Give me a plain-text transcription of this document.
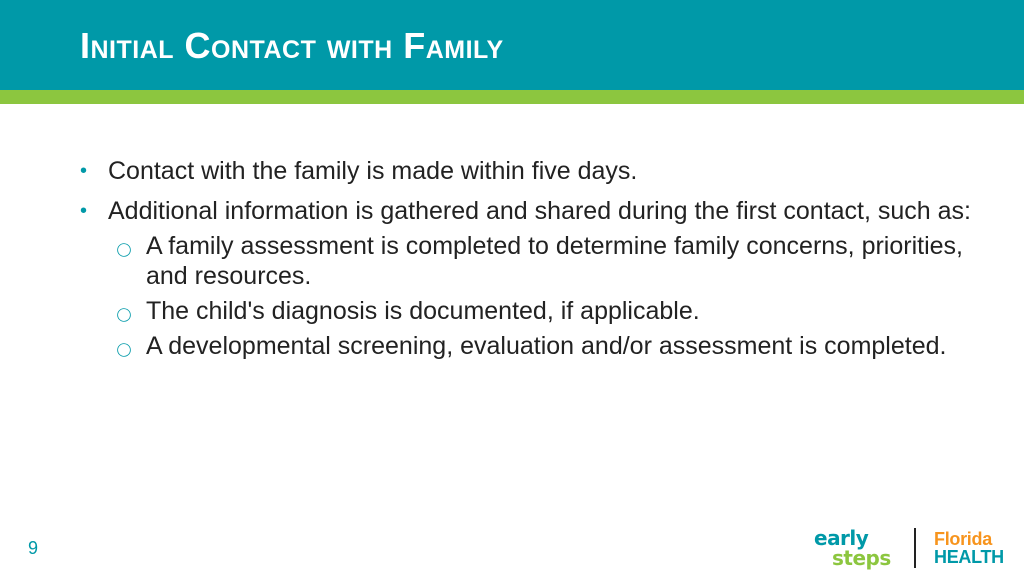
Initial Contact with Family
• Contact with the family is made within five days.
• Additional information is gathered and shared during the first contact, such as:
A family assessment is completed to determine family concerns, priorities, and resources.
The child's diagnosis is documented, if applicable.
A developmental screening, evaluation and/or assessment is completed.
9	early
steps
Florida
HEALTH
